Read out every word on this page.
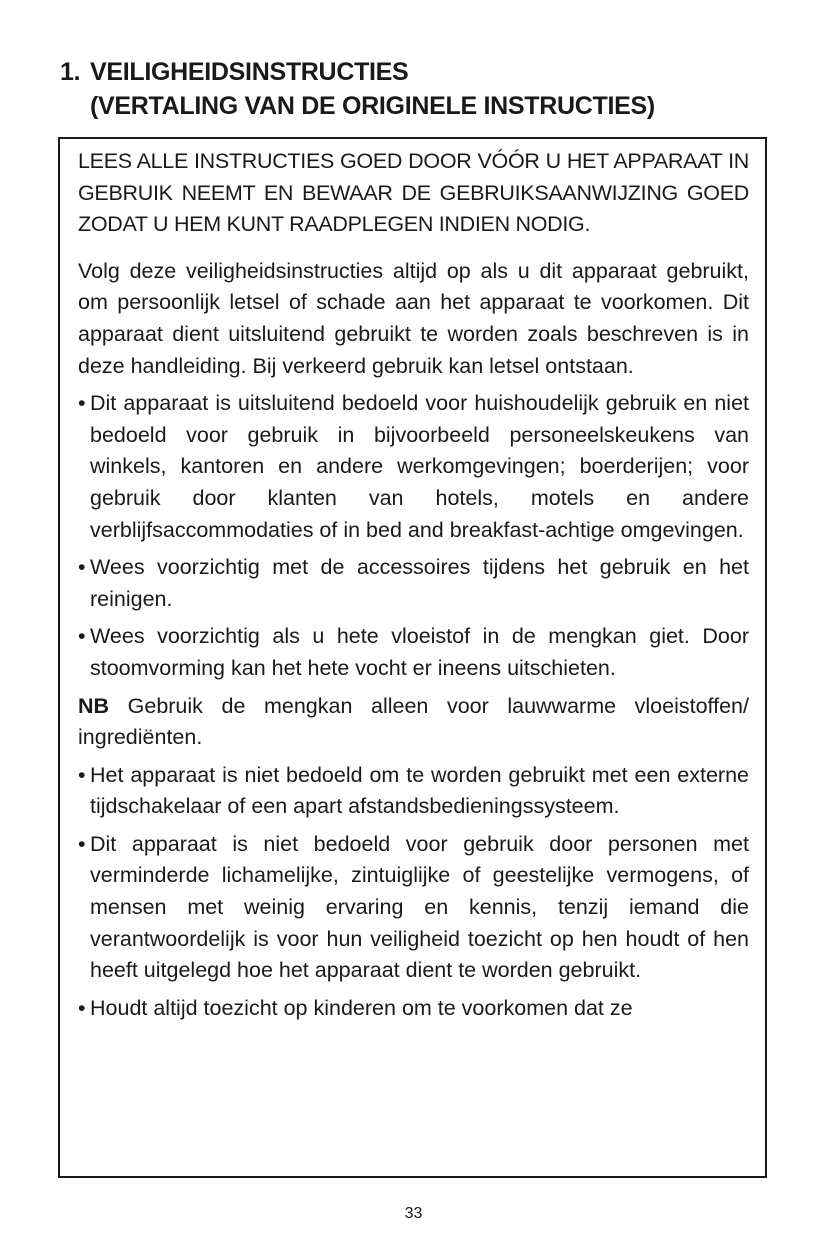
1. VEILIGHEIDSINSTRUCTIES
(VERTALING VAN DE ORIGINELE INSTRUCTIES)

LEES ALLE INSTRUCTIES GOED DOOR VÓÓR U HET APPARAAT IN GEBRUIK NEEMT EN BEWAAR DE GEBRUIKSAANWIJZING GOED ZODAT U HEM KUNT RAADPLEGEN INDIEN NODIG.

Volg deze veiligheidsinstructies altijd op als u dit apparaat gebruikt, om persoonlijk letsel of schade aan het apparaat te voorkomen. Dit apparaat dient uitsluitend gebruikt te worden zoals beschreven is in deze handleiding. Bij verkeerd gebruik kan letsel ontstaan.

• Dit apparaat is uitsluitend bedoeld voor huishoudelijk gebruik en niet bedoeld voor gebruik in bijvoorbeeld personeelskeukens van winkels, kantoren en andere werkomgevingen; boerderijen; voor gebruik door klanten van hotels, motels en andere verblijfsaccommodaties of in bed and breakfast-achtige omgevingen.
• Wees voorzichtig met de accessoires tijdens het gebruik en het reinigen.
• Wees voorzichtig als u hete vloeistof in de mengkan giet. Door stoomvorming kan het hete vocht er ineens uitschieten.

NB Gebruik de mengkan alleen voor lauwwarme vloeistoffen/ ingrediënten.

• Het apparaat is niet bedoeld om te worden gebruikt met een externe tijdschakelaar of een apart afstandsbedieningssysteem.
• Dit apparaat is niet bedoeld voor gebruik door personen met verminderde lichamelijke, zintuiglijke of geestelijke vermogens, of mensen met weinig ervaring en kennis, tenzij iemand die verantwoordelijk is voor hun veiligheid toezicht op hen houdt of hen heeft uitgelegd hoe het apparaat dient te worden gebruikt.
• Houdt altijd toezicht op kinderen om te voorkomen dat ze
33
